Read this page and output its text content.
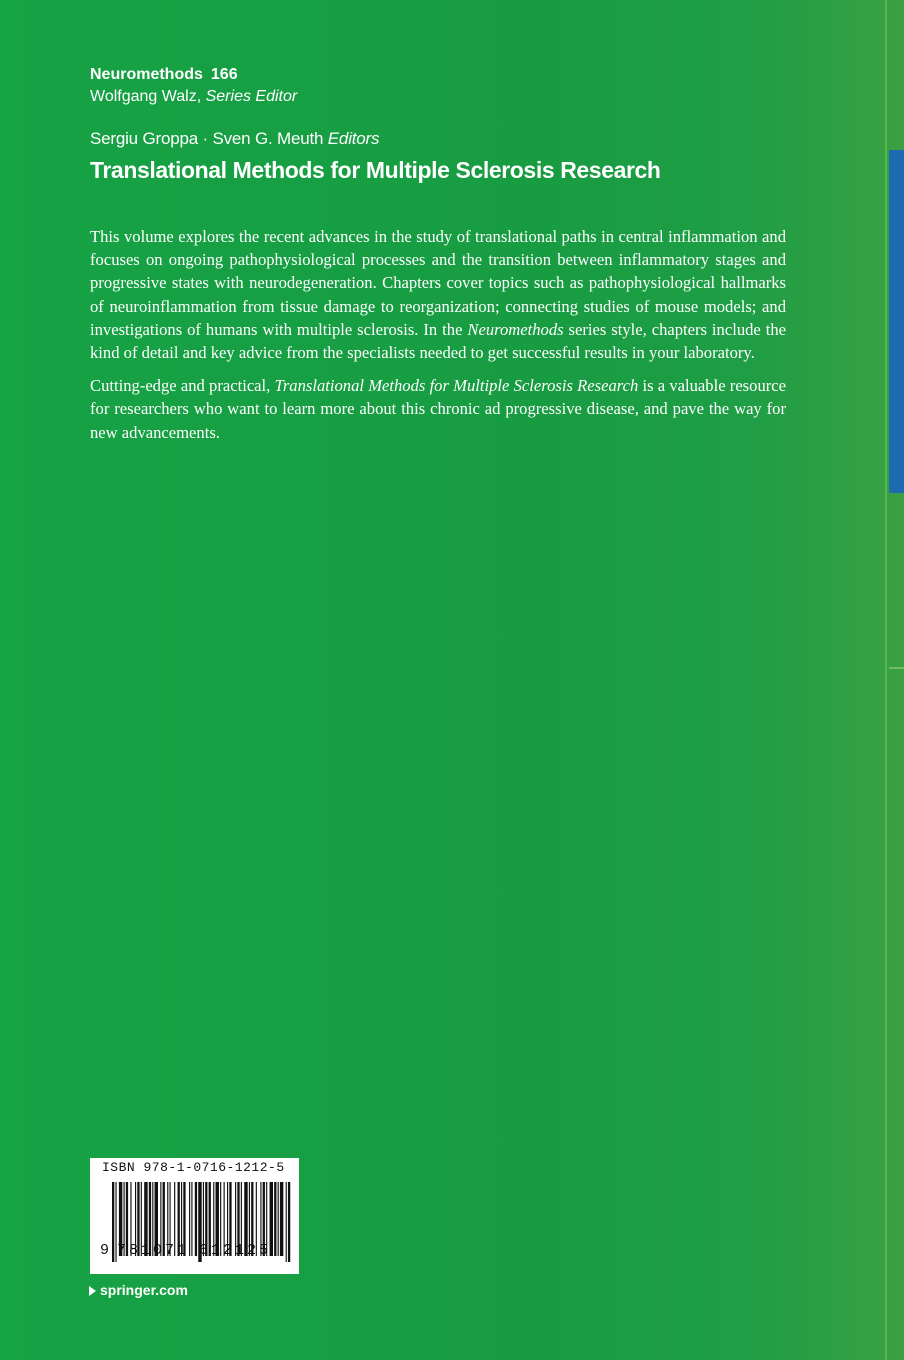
Neuromethods 166
Wolfgang Walz, Series Editor
Sergiu Groppa · Sven G. Meuth Editors
Translational Methods for Multiple Sclerosis Research

This volume explores the recent advances in the study of translational paths in central inflammation and focuses on ongoing pathophysiological processes and the transition between inflammatory stages and progressive states with neurodegeneration. Chapters cover topics such as pathophysiological hallmarks of neuroinflammation from tissue damage to reorganization; connecting studies of mouse models; and investigations of humans with multiple sclerosis. In the Neuromethods series style, chapters include the kind of detail and key advice from the specialists needed to get successful results in your laboratory.

Cutting-edge and practical, Translational Methods for Multiple Sclerosis Research is a valuable resource for researchers who want to learn more about this chronic ad progressive disease, and pave the way for new advancements.

ISBN 978-1-0716-1212-5
9 7 8 1 0 7 1 6 1 2 1 2 5
springer.com
